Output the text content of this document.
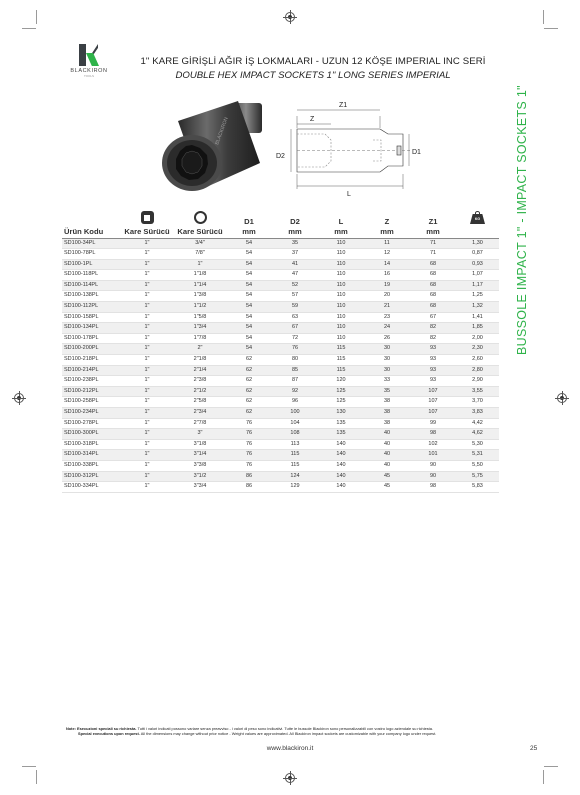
BLACKIRON
TOOLS
1" KARE GİRİŞLİ AĞIR İŞ LOKMALARI - UZUN 12 KÖŞE IMPERIAL INC SERİ
DOUBLE HEX IMPACT SOCKETS 1" LONG SERIES IMPERIAL
BUSSOLE IMPACT 1" - IMPACT SOCKETS 1"
BLACKIRON
Z1
Z
D2
D1
L
			D1	D2	L	Z	Z1	KG

Ürün Kodu	Kare Sürücü	Kare Sürücü	mm	mm	mm	mm	mm	
SD100-34PL	1"	3/4"	54	35	110	11	71	1,30
SD100-78PL	1"	7/8"	54	37	110	12	71	0,87
SD100-1PL	1"	1"	54	41	110	14	68	0,93
SD100-118PL	1"	1"1/8	54	47	110	16	68	1,07
SD100-114PL	1"	1"1/4	54	52	110	19	68	1,17
SD100-138PL	1"	1"3/8	54	57	110	20	68	1,25
SD100-112PL	1"	1"1/2	54	59	110	21	68	1,32
SD100-158PL	1"	1"5/8	54	63	110	23	67	1,41
SD100-134PL	1"	1"3/4	54	67	110	24	82	1,85
SD100-178PL	1"	1"7/8	54	72	110	26	82	2,00
SD100-200PL	1"	2"	54	76	115	30	93	2,30
SD100-218PL	1"	2"1/8	62	80	115	30	93	2,60
SD100-214PL	1"	2"1/4	62	85	115	30	93	2,80
SD100-238PL	1"	2"3/8	62	87	120	33	93	2,90
SD100-212PL	1"	2"1/2	62	92	125	35	107	3,55
SD100-258PL	1"	2"5/8	62	96	125	38	107	3,70
SD100-234PL	1"	2"3/4	62	100	130	38	107	3,83
SD100-278PL	1"	2"7/8	76	104	135	38	99	4,42
SD100-300PL	1"	3"	76	108	135	40	98	4,62
SD100-318PL	1"	3"1/8	76	113	140	40	102	5,30
SD100-314PL	1"	3"1/4	76	115	140	40	101	5,31
SD100-338PL	1"	3"3/8	76	115	140	40	90	5,50
SD100-312PL	1"	3"1/2	86	124	140	45	90	5,75
SD100-334PL	1"	3"3/4	86	129	140	45	98	5,83
Note: Esecuzioni speciali su richiesta. Tutti i valori indicati possono variare senza preavviso - i valori di peso sono indicativi. Tutte le bussole Blackiron sono personalizzabili con vostro logo aziendale su richiesta.
Special executions upon request. All the dimensions may change without prior notice - Weight values are approximated. All Blackiron impact sockets are customizable with your company logo under request.
www.blackiron.it	25
